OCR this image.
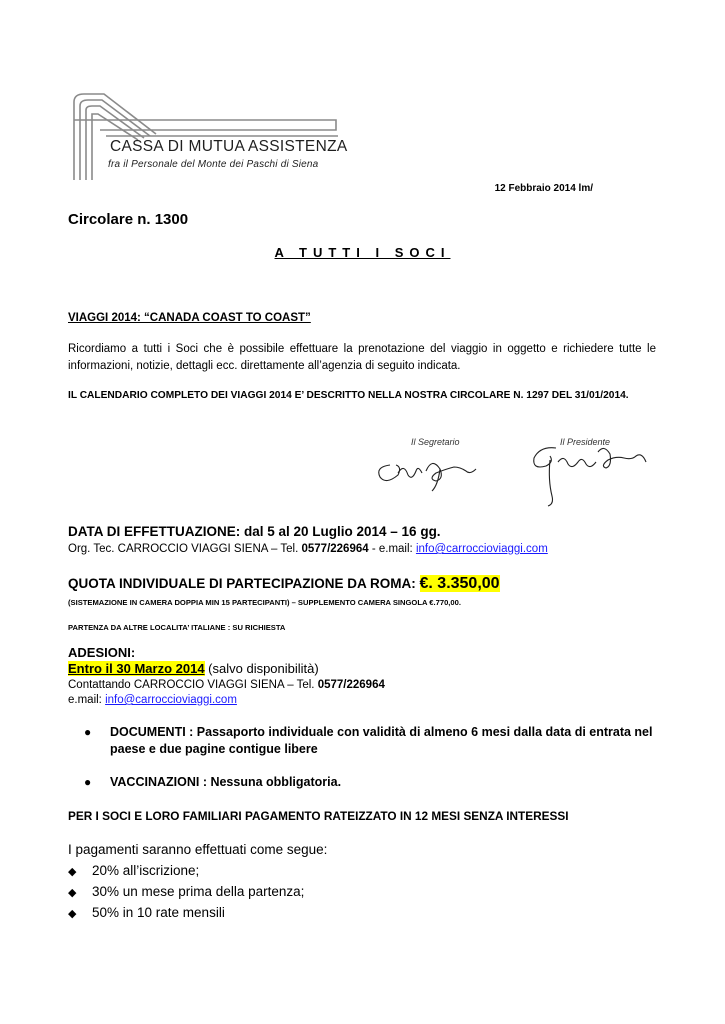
CASSA DI MUTUA ASSISTENZA
fra il Personale del Monte dei Paschi di Siena
12 Febbraio 2014 lm/
Circolare n. 1300
A TUTTI I SOCI
VIAGGI 2014: “CANADA COAST TO COAST”
Ricordiamo a tutti i Soci che è possibile effettuare la prenotazione del viaggio in oggetto e richiedere tutte le informazioni, notizie, dettagli ecc. direttamente all’agenzia di seguito indicata.
IL CALENDARIO COMPLETO DEI VIAGGI 2014 E’ DESCRITTO NELLA NOSTRA CIRCOLARE N. 1297 DEL 31/01/2014.
Il Segretario	Il Presidente
DATA DI EFFETTUAZIONE: dal 5 al 20 Luglio 2014 – 16 gg.
Org. Tec. CARROCCIO VIAGGI SIENA – Tel. 0577/226964 - e.mail: info@carroccioviaggi.com
QUOTA INDIVIDUALE DI PARTECIPAZIONE DA ROMA: €. 3.350,00
(SISTEMAZIONE IN CAMERA DOPPIA MIN 15 PARTECIPANTI) – SUPPLEMENTO CAMERA SINGOLA €.770,00.
PARTENZA DA ALTRE LOCALITA’ ITALIANE : SU RICHIESTA
ADESIONI:
Entro il 30 Marzo 2014 (salvo disponibilità)
Contattando CARROCCIO VIAGGI SIENA – Tel. 0577/226964
e.mail: info@carroccioviaggi.com
● DOCUMENTI : Passaporto individuale con validità di almeno 6 mesi dalla data di entrata nel paese e due pagine contigue libere
● VACCINAZIONI : Nessuna obbligatoria.
PER I SOCI E LORO FAMILIARI PAGAMENTO RATEIZZATO IN 12 MESI SENZA INTERESSI
I pagamenti saranno effettuati come segue:
◆ 20% all’iscrizione;
◆ 30% un mese prima della partenza;
◆ 50% in 10 rate mensili
